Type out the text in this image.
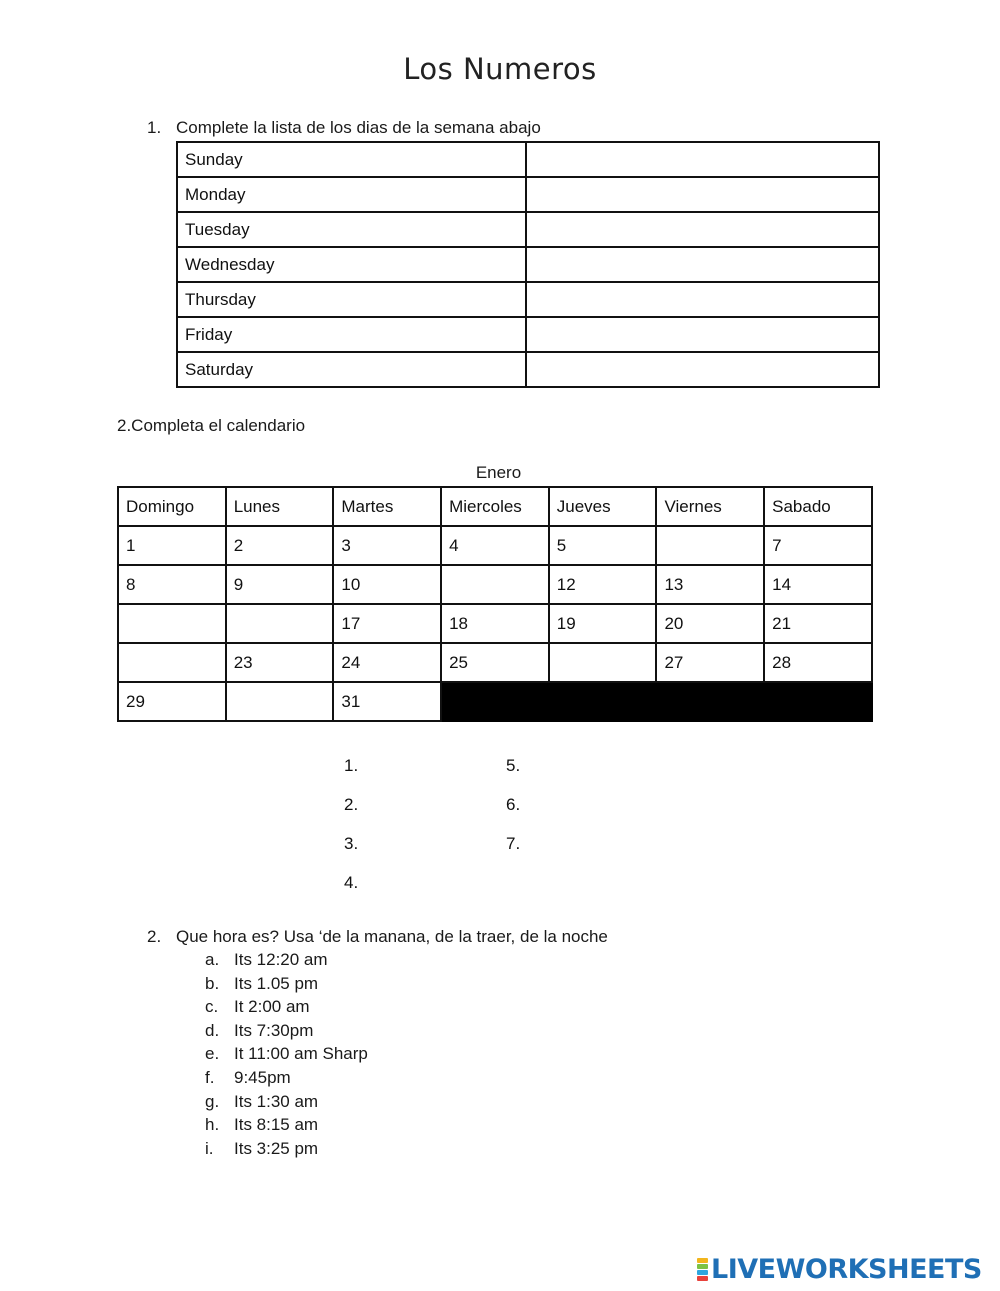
Los Numeros
1. Complete la lista de los dias de la semana abajo
Sunday	
Monday	
Tuesday	
Wednesday	
Thursday	
Friday	
Saturday	
2.Completa el calendario
Enero
Domingo	Lunes	Martes	Miercoles	Jueves	Viernes	Sabado
1	2	3	4	5		7
8	9	10		12	13	14
		17	18	19	20	21
	23	24	25		27	28
29		31				
1.
2.
3.
4.
5.
6.
7.
2. Que hora es? Usa ‘de la manana, de la traer, de la noche
a. Its 12:20 am
b. Its 1.05 pm
c. It 2:00 am
d. Its 7:30pm
e. It 11:00 am Sharp
f. 9:45pm
g. Its 1:30 am
h. Its 8:15 am
i. Its 3:25 pm
LIVEWORKSHEETS
